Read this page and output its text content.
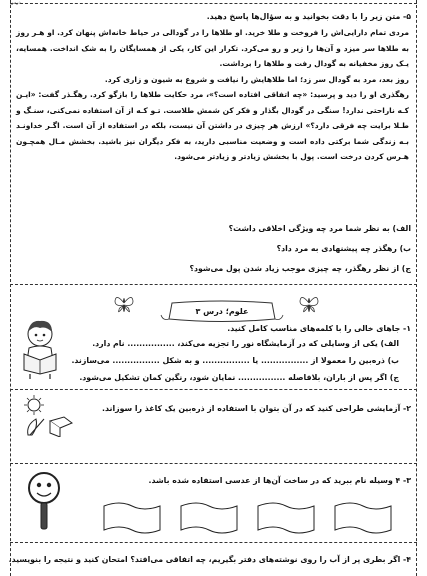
درس
۵- متن زیر را با دقت بخوانید و به سؤال‌ها پاسخ دهید.

مردی تمام دارایی‌اش را فروخت و طلا خرید. او طلاها را در گودالی در حیاط خانه‌اش پنهان کرد. او هـر روز به طلاها سر میزد و آن‌ها را زیر و رو می‌کرد. تکرار این کار، یکی از همسایگان را به شک انداخت. همسایه، یـک روز مخفیانه به گودال رفت و طلاها را برداشت.

روز بعد، مرد به گودال سر زد؛ اما طلاهایش را نیافت و شروع به شیون و زاری کرد.

رهگذری او را دید و پرسید: «چه اتفاقی افتاده است؟»، مرد حکایت طلاها را بازگو کرد. رهگـذر گفت: «ایـن کـه ناراحتی ندارد! سنگی در گودال بگذار و فکر کن شمش طلاست. تـو کـه از آن استفاده نمی‌کنی، سنـگ و طـلا برایت چه فرقی دارد؟» ارزش هر چیزی در داشتن آن نیست، بلکه در استفاده از آن است. اگـر خداونـد بـه زندگی شما برکتی داده است و وضعیت مناسبی دارید، به فکر دیگران نیز باشید. بخشش مـال همچـون هـرس کردن درخت است. پول با بخشش زیادتر و زیادتر می‌شود.

الف) به نظر شما مرد چه ویژگی اخلاقی داشت؟
ب) رهگذر چه پیشنهادی به مرد داد؟
ج) از نظر رهگذر، چه چیزی موجب زیاد شدن پول می‌شود؟
علوم؛ درس ۳
۱- جاهای خالی را با کلمه‌های مناسب کامل کنید.
الف) یکی از وسایلی که در آزمایشگاه نور را تجزیه می‌کند، ................ نام دارد.
ب) ذره‌بین را معمولا از ................ یا ................ و به شکل ................ می‌سازند.
ج) اگر پس از باران، بلافاصله ................ نمایان شود، رنگین کمان تشکیل می‌شود.
۲- آزمایشی طراحی کنید که در آن بتوان با استفاده از ذره‌بین یک کاغذ را سوزاند.
۳- ۴ وسیله نام ببرید که در ساخت آن‌ها از عدسی استفاده شده باشد.
۴- اگر بطری پر از آب را روی نوشته‌های دفتر بگیریم، چه اتفاقی می‌افتد؟ امتحان کنید و نتیجه را بنویسید.
